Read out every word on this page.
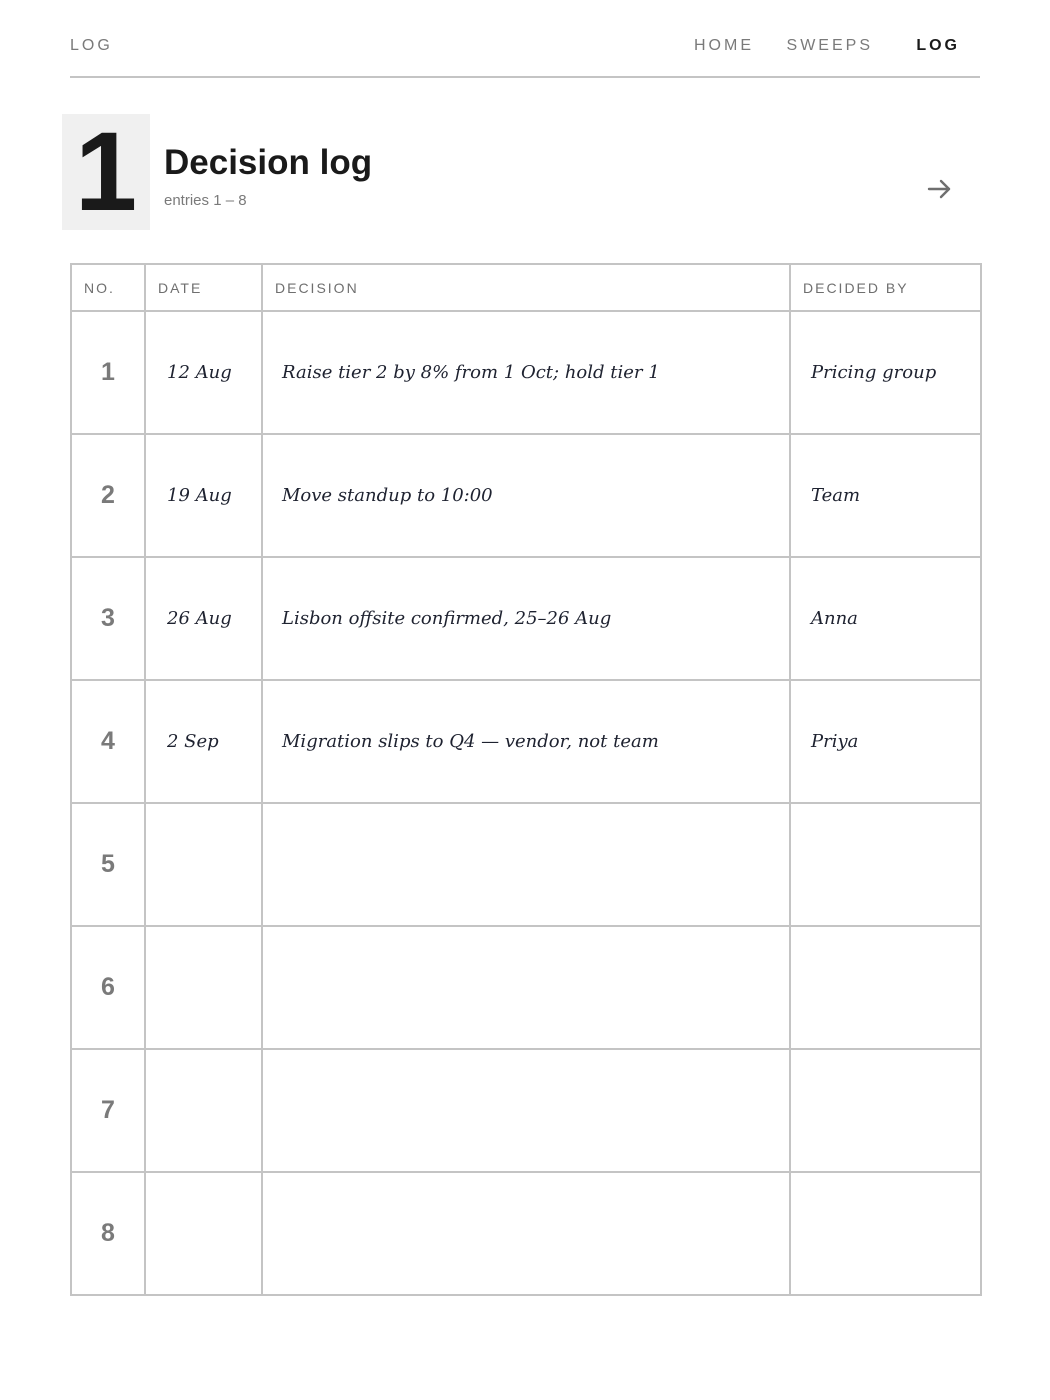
LOG	HOME SWEEPS	LOG
1 Decision log
entries 1 – 8
NO.	DATE	DECISION	DECIDED BY
1	12 Aug	Raise tier 2 by 8% from 1 Oct; hold tier 1	Pricing group
2	19 Aug	Move standup to 10:00	Team
3	26 Aug	Lisbon offsite confirmed, 25–26 Aug	Anna
4	2 Sep	Migration slips to Q4 — vendor, not team	Priya
5			
6			
7			
8			
